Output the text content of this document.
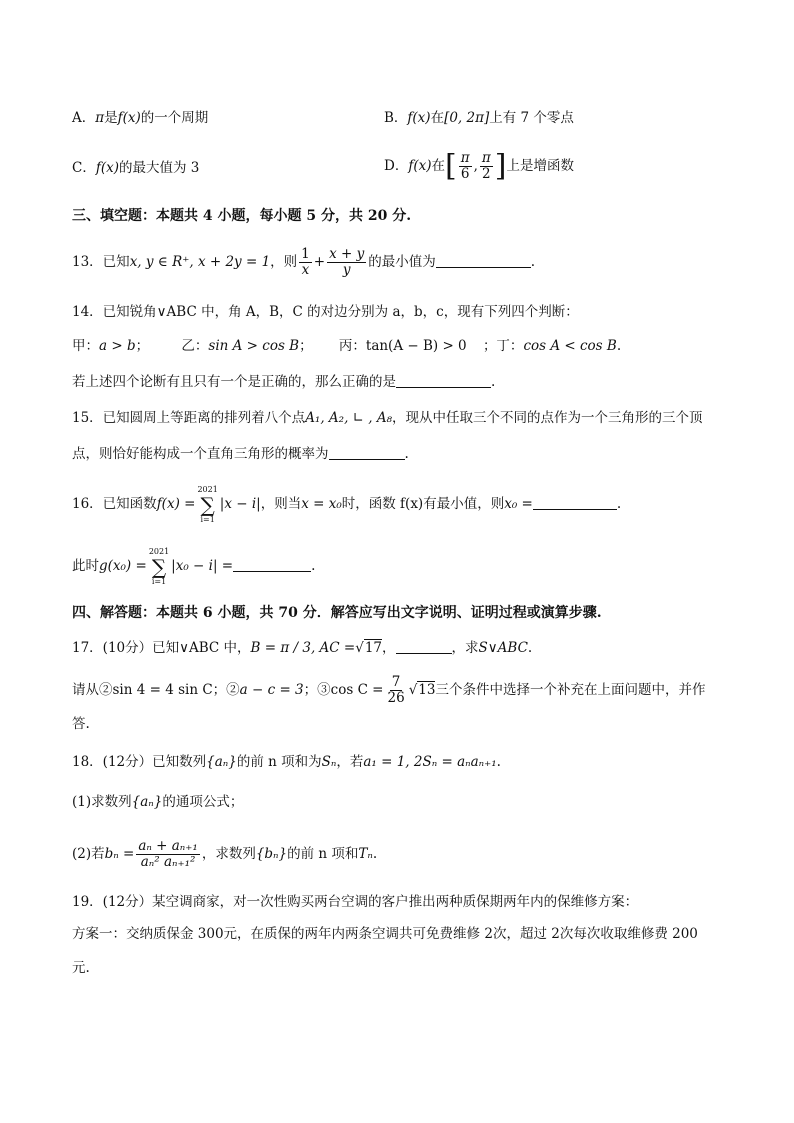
A．π是f(x)的一个周期	B．f(x)在[0, 2π]上有 7 个零点
C．f(x)的最大值为 3	D．f(x)在[ $\frac{\pi}{6}$ , $\frac{\pi}{2}$ ]上是增函数
三、填空题：本题共 4 小题，每小题 5 分，共 20 分.
13．已知x, y ∈ R⁺, x + 2y = 1，则 $\frac{1}{x} + \frac{x + y}{y}$ 的最小值为	.
14．已知锐角∨ABC 中，角 A，B，C 的对边分别为 a，b，c，现有下列四个判断：
甲：a > b； 乙：sin A > cos B； 丙：tan(A − B) > 0 ；丁：cos A < cos B.
若上述四个论断有且只有一个是正确的，那么正确的是	.
15．已知圆周上等距离的排列着八个点A₁, A₂, ∟ , A₈，现从中任取三个不同的点作为一个三角形的三个顶
点，则恰好能构成一个直角三角形的概率为	.
16．已知函数f(x) =
2021
∑
i=1
|x − i|，则当x = x₀时，函数 f(x)有最小值，则x₀ =	.
此时g(x₀) =
2021
∑
i=1
|x₀ − i| =	.
四、解答题：本题共 6 小题，共 70 分．解答应写出文字说明、证明过程或演算步骤.
17．(10分）已知∨ABC 中，B = π / 3, AC =√17，	，求S∨ABC.
请从②sin 4 = 4 sin C；②a − c = 3；③cos $C = \frac{7}{26} √13$三个条件中选择一个补充在上面问题中，并作
答.
18．(12分）已知数列{aₙ}的前 n 项和为Sₙ，若a₁ = 1, 2Sₙ = aₙaₙ₊₁.
(1)求数列{aₙ}的通项公式；
(2)若$b_n = \frac{\text{aₙ + aₙ₊₁}}{\text{aₙ² aₙ₊₁²}}$ ，求数列{bₙ}的前 n 项和Tₙ.
19．(12分）某空调商家，对一次性购买两台空调的客户推出两种质保期两年内的保维修方案：
方案一：交纳质保金 300元，在质保的两年内两条空调共可免费维修 2次，超过 2次每次收取维修费 200
元.
